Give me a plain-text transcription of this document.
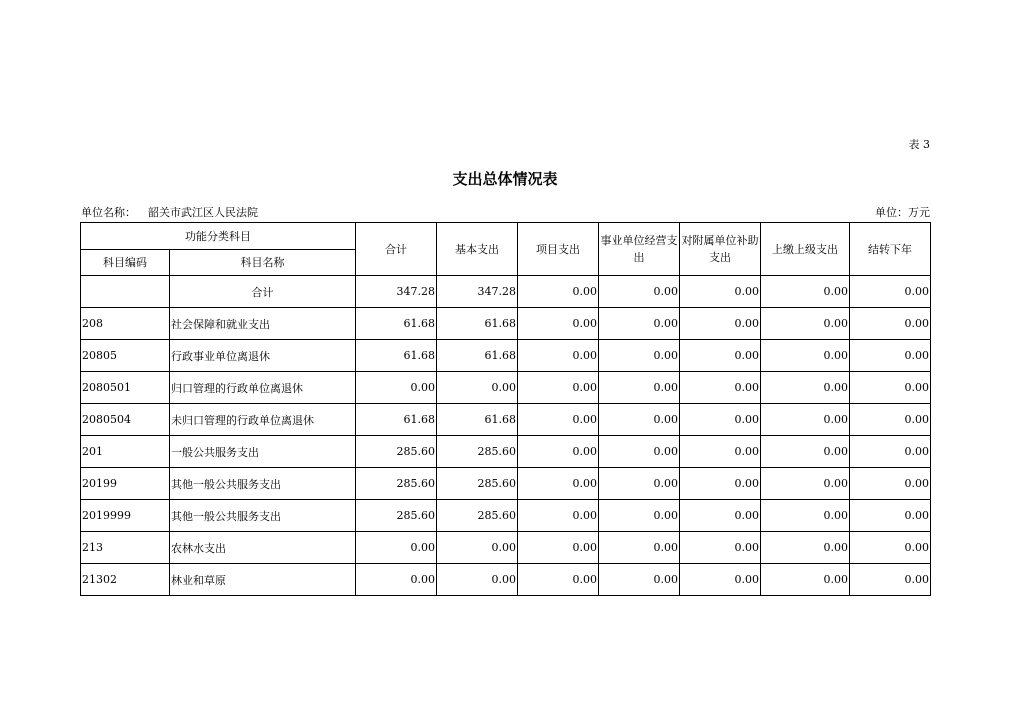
表 3
支出总体情况表
单位名称： 韶关市武江区人民法院	单位：万元
功能分类科目		合计	基本支出	项目支出	事业单位经营支出	对附属单位补助支出	上缴上级支出	结转下年
科目编码	科目名称							
	合计	347.28	347.28	0.00	0.00	0.00	0.00	0.00
208	社会保障和就业支出	61.68	61.68	0.00	0.00	0.00	0.00	0.00
20805	行政事业单位离退休	61.68	61.68	0.00	0.00	0.00	0.00	0.00
2080501	归口管理的行政单位离退休	0.00	0.00	0.00	0.00	0.00	0.00	0.00
2080504	未归口管理的行政单位离退休	61.68	61.68	0.00	0.00	0.00	0.00	0.00
201	一般公共服务支出	285.60	285.60	0.00	0.00	0.00	0.00	0.00
20199	其他一般公共服务支出	285.60	285.60	0.00	0.00	0.00	0.00	0.00
2019999	其他一般公共服务支出	285.60	285.60	0.00	0.00	0.00	0.00	0.00
213	农林水支出	0.00	0.00	0.00	0.00	0.00	0.00	0.00
21302	林业和草原	0.00	0.00	0.00	0.00	0.00	0.00	0.00
